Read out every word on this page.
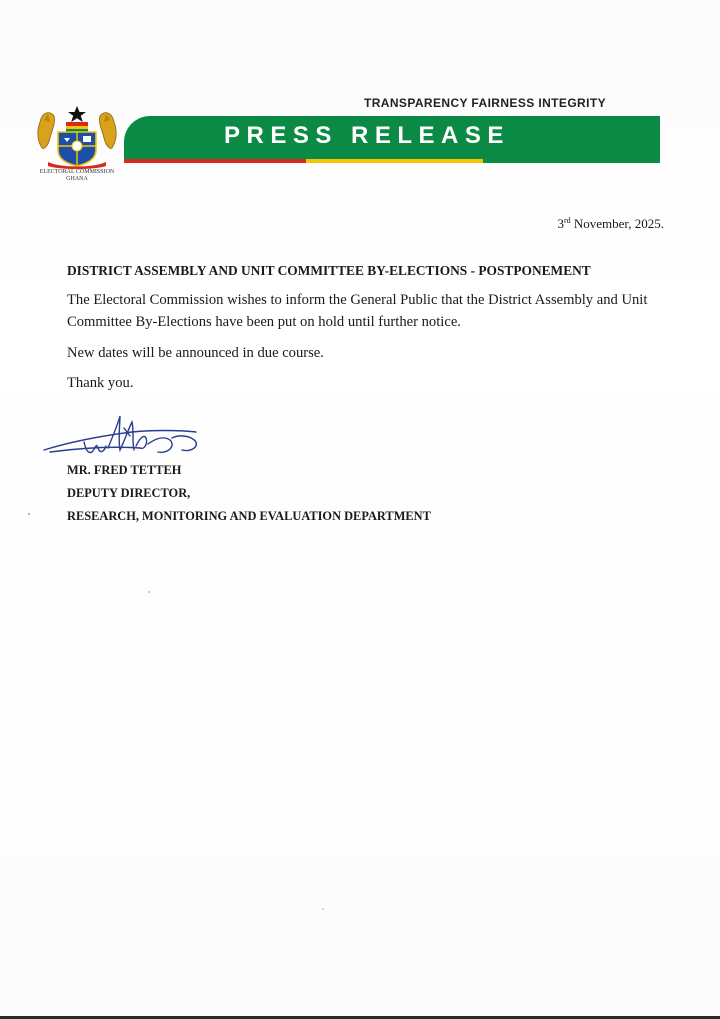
ELECTORAL COMMISSION
GHANA
TRANSPARENCY FAIRNESS INTEGRITY
PRESS RELEASE
3rd November, 2025.
DISTRICT ASSEMBLY AND UNIT COMMITTEE BY-ELECTIONS - POSTPONEMENT

The Electoral Commission wishes to inform the General Public that the District Assembly and Unit Committee By-Elections have been put on hold until further notice.

New dates will be announced in due course.

Thank you.

MR. FRED TETTEH
DEPUTY DIRECTOR,
RESEARCH, MONITORING AND EVALUATION DEPARTMENT
